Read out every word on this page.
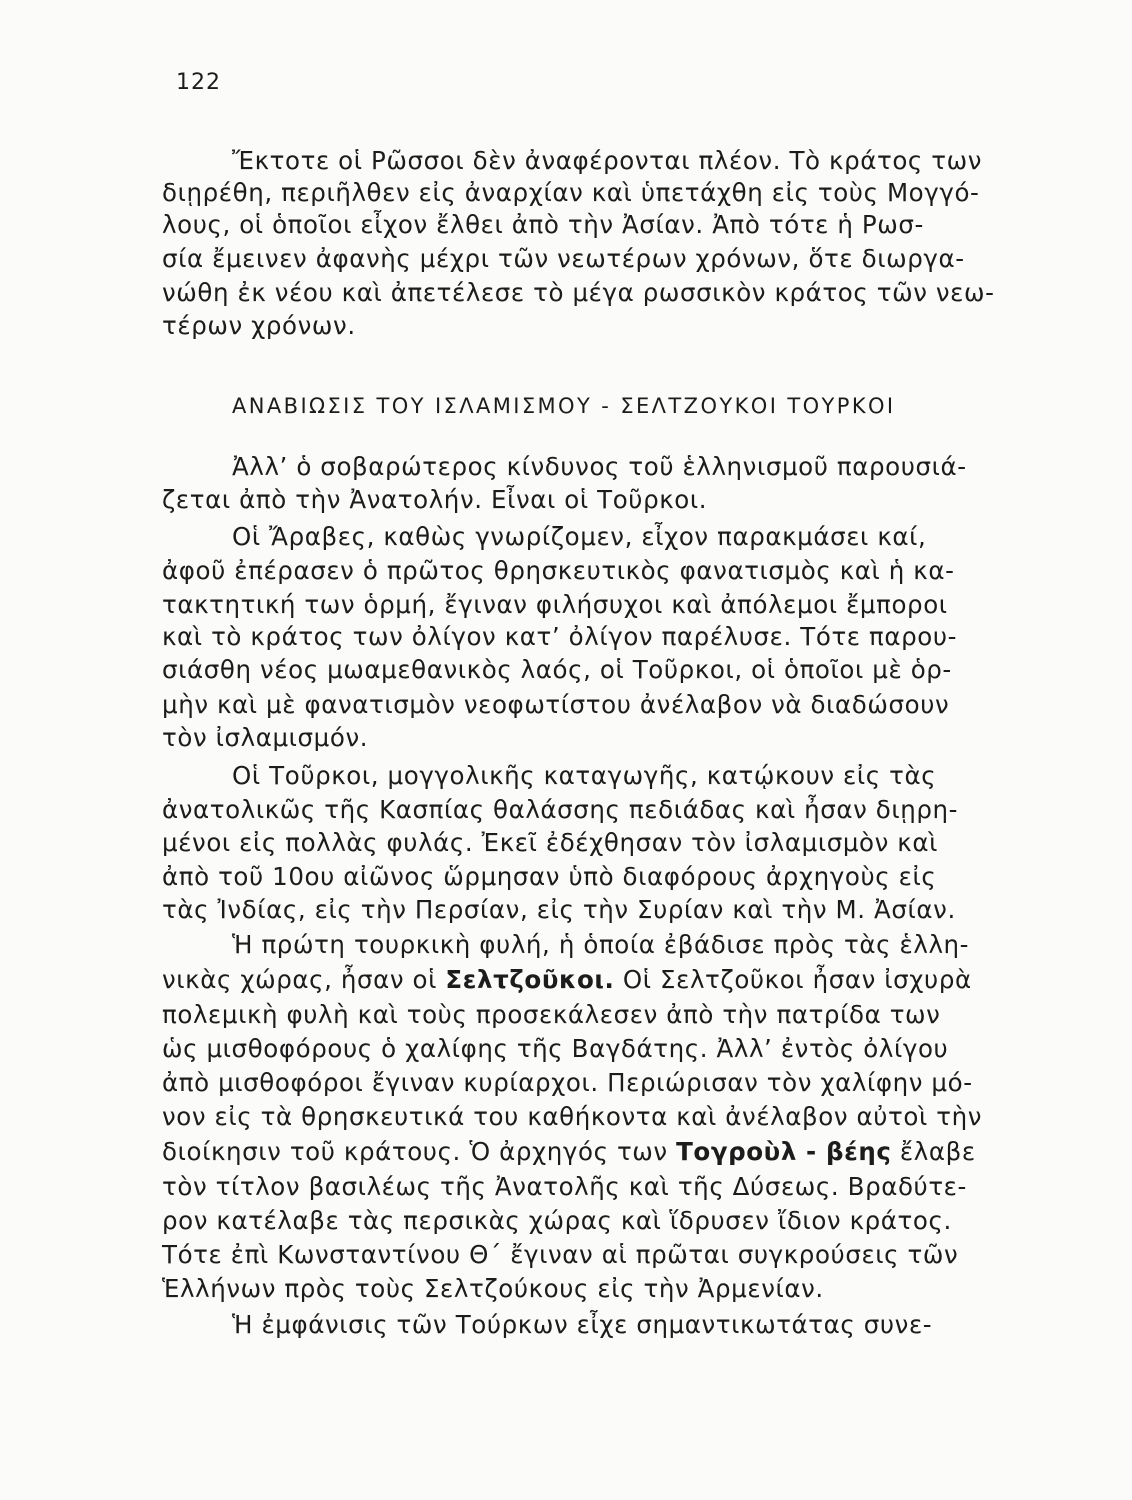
122
Ἔκτοτε οἱ Ρῶσσοι δὲν ἀναφέρονται πλέον. Τὸ κράτος των
διῃρέθη, περιῆλθεν εἰς ἀναρχίαν καὶ ὑπετάχθη εἰς τοὺς Μογγό-
λους, οἱ ὁποῖοι εἶχον ἔλθει ἀπὸ τὴν Ἀσίαν. Ἀπὸ τότε ἡ Ρωσ-
σία ἔμεινεν ἀφανὴς μέχρι τῶν νεωτέρων χρόνων, ὅτε διωργα-
νώθη ἐκ νέου καὶ ἀπετέλεσε τὸ μέγα ρωσσικὸν κράτος τῶν νεω-
τέρων χρόνων.
ΑΝΑΒΙΩΣΙΣ ΤΟΥ ΙΣΛΑΜΙΣΜΟΥ - ΣΕΛΤΖΟΥΚΟΙ ΤΟΥΡΚΟΙ
Ἀλλ’ ὁ σοβαρώτερος κίνδυνος τοῦ ἑλληνισμοῦ παρουσιά-
ζεται ἀπὸ τὴν Ἀνατολήν. Εἶναι οἱ Τοῦρκοι.
Οἱ Ἄραβες, καθὼς γνωρίζομεν, εἶχον παρακμάσει καί,
ἀφοῦ ἐπέρασεν ὁ πρῶτος θρησκευτικὸς φανατισμὸς καὶ ἡ κα-
τακτητική των ὁρμή, ἔγιναν φιλήσυχοι καὶ ἀπόλεμοι ἔμποροι
καὶ τὸ κράτος των ὀλίγον κατ’ ὀλίγον παρέλυσε. Τότε παρου-
σιάσθη νέος μωαμεθανικὸς λαός, οἱ Τοῦρκοι, οἱ ὁποῖοι μὲ ὁρ-
μὴν καὶ μὲ φανατισμὸν νεοφωτίστου ἀνέλαβον νὰ διαδώσουν
τὸν ἰσλαμισμόν.
Οἱ Τοῦρκοι, μογγολικῆς καταγωγῆς, κατῴκουν εἰς τὰς
ἀνατολικῶς τῆς Κασπίας θαλάσσης πεδιάδας καὶ ἦσαν διῃρη-
μένοι εἰς πολλὰς φυλάς. Ἐκεῖ ἐδέχθησαν τὸν ἰσλαμισμὸν καὶ
ἀπὸ τοῦ 10ου αἰῶνος ὥρμησαν ὑπὸ διαφόρους ἀρχηγοὺς εἰς
τὰς Ἰνδίας, εἰς τὴν Περσίαν, εἰς τὴν Συρίαν καὶ τὴν Μ. Ἀσίαν.
Ἡ πρώτη τουρκικὴ φυλή, ἡ ὁποία ἐβάδισε πρὸς τὰς ἑλλη-
νικὰς χώρας, ἦσαν οἱ Σελτζοῦκοι. Οἱ Σελτζοῦκοι ἦσαν ἰσχυρὰ
πολεμικὴ φυλὴ καὶ τοὺς προσεκάλεσεν ἀπὸ τὴν πατρίδα των
ὡς μισθοφόρους ὁ χαλίφης τῆς Βαγδάτης. Ἀλλ’ ἐντὸς ὀλίγου
ἀπὸ μισθοφόροι ἔγιναν κυρίαρχοι. Περιώρισαν τὸν χαλίφην μό-
νον εἰς τὰ θρησκευτικά του καθήκοντα καὶ ἀνέλαβον αὐτοὶ τὴν
διοίκησιν τοῦ κράτους. Ὁ ἀρχηγός των Τογροὺλ - βέης ἔλαβε
τὸν τίτλον βασιλέως τῆς Ἀνατολῆς καὶ τῆς Δύσεως. Βραδύτε-
ρον κατέλαβε τὰς περσικὰς χώρας καὶ ἵδρυσεν ἴδιον κράτος.
Τότε ἐπὶ Κωνσταντίνου Θ΄ ἔγιναν αἱ πρῶται συγκρούσεις τῶν
Ἑλλήνων πρὸς τοὺς Σελτζούκους εἰς τὴν Ἀρμενίαν.
Ἡ ἐμφάνισις τῶν Τούρκων εἶχε σημαντικωτάτας συνε-
